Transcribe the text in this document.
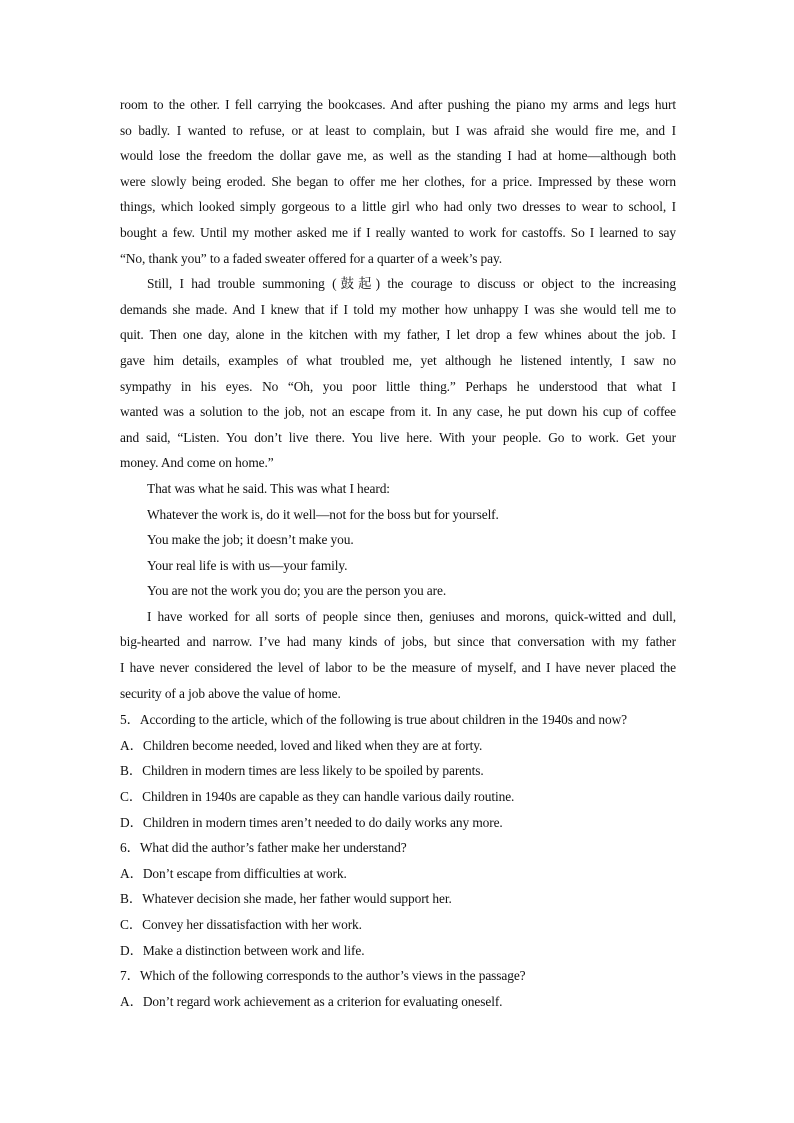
room to the other. I fell carrying the bookcases. And after pushing the piano my arms and legs hurt
so badly. I wanted to refuse, or at least to complain, but I was afraid she would fire me, and I
would lose the freedom the dollar gave me, as well as the standing I had at home—although both
were slowly being eroded. She began to offer me her clothes, for a price. Impressed by these worn
things, which looked simply gorgeous to a little girl who had only two dresses to wear to school, I
bought a few. Until my mother asked me if I really wanted to work for castoffs. So I learned to say
“No, thank you” to a faded sweater offered for a quarter of a week’s pay.
Still, I had trouble summoning (鼓起) the courage to discuss or object to the increasing
demands she made. And I knew that if I told my mother how unhappy I was she would tell me to
quit. Then one day, alone in the kitchen with my father, I let drop a few whines about the job. I
gave him details, examples of what troubled me, yet although he listened intently, I saw no
sympathy in his eyes. No “Oh, you poor little thing.” Perhaps he understood that what I
wanted was a solution to the job, not an escape from it. In any case, he put down his cup of coffee
and said, “Listen. You don’t live there. You live here. With your people. Go to work. Get your
money. And come on home.”
That was what he said. This was what I heard:
Whatever the work is, do it well—not for the boss but for yourself.
You make the job; it doesn’t make you.
Your real life is with us—your family.
You are not the work you do; you are the person you are.
I have worked for all sorts of people since then, geniuses and morons, quick-witted and dull,
big-hearted and narrow. I’ve had many kinds of jobs, but since that conversation with my father
I have never considered the level of labor to be the measure of myself, and I have never placed the
security of a job above the value of home.
5．According to the article, which of the following is true about children in the 1940s and now?
A．Children become needed, loved and liked when they are at forty.
B．Children in modern times are less likely to be spoiled by parents.
C．Children in 1940s are capable as they can handle various daily routine.
D．Children in modern times aren’t needed to do daily works any more.
6．What did the author’s father make her understand?
A．Don’t escape from difficulties at work.
B．Whatever decision she made, her father would support her.
C．Convey her dissatisfaction with her work.
D．Make a distinction between work and life.
7．Which of the following corresponds to the author’s views in the passage?
A．Don’t regard work achievement as a criterion for evaluating oneself.
